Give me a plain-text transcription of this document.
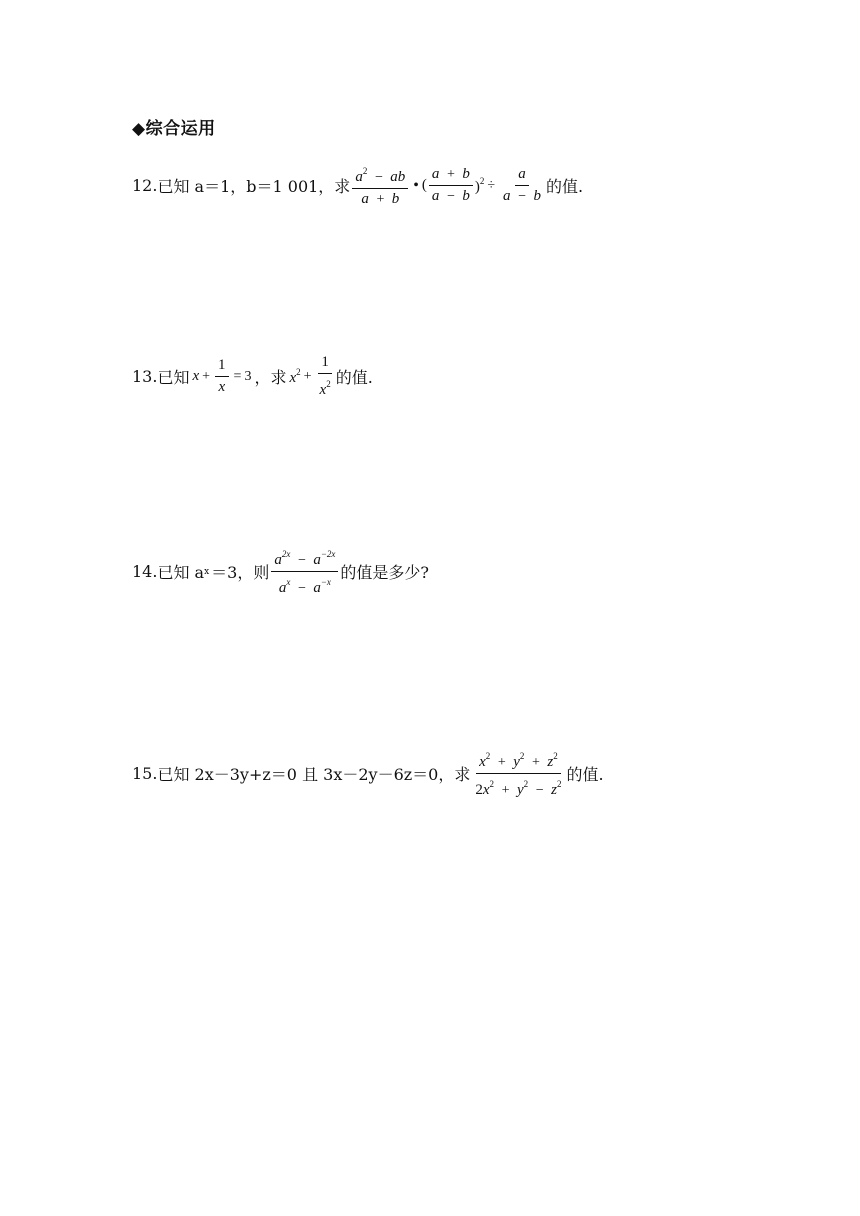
◆综合运用
12. 已知 a＝1，b＝1 001，求 $\frac{a^2 - ab}{a + b}$ • ( $\frac{a + b}{a - b} )^2 \div \frac{a}{a - b}$ 的值.
13. 已知 $x + \frac{1}{x} = 3$ ，求 $x^2 + \frac{1}{x^2}$ 的值.
14. 已知 a x ＝3，则 $\frac{a^{2x} - a^{-2x}}{a^x - a^{-x}}$ 的值是多少?
15. 已知 2x－3y+z＝0 且 3x－2y－6z＝0，求 $\frac{x^2 + y^2 + z^2}{2x^2 + y^2 - z^2}$ 的值.
